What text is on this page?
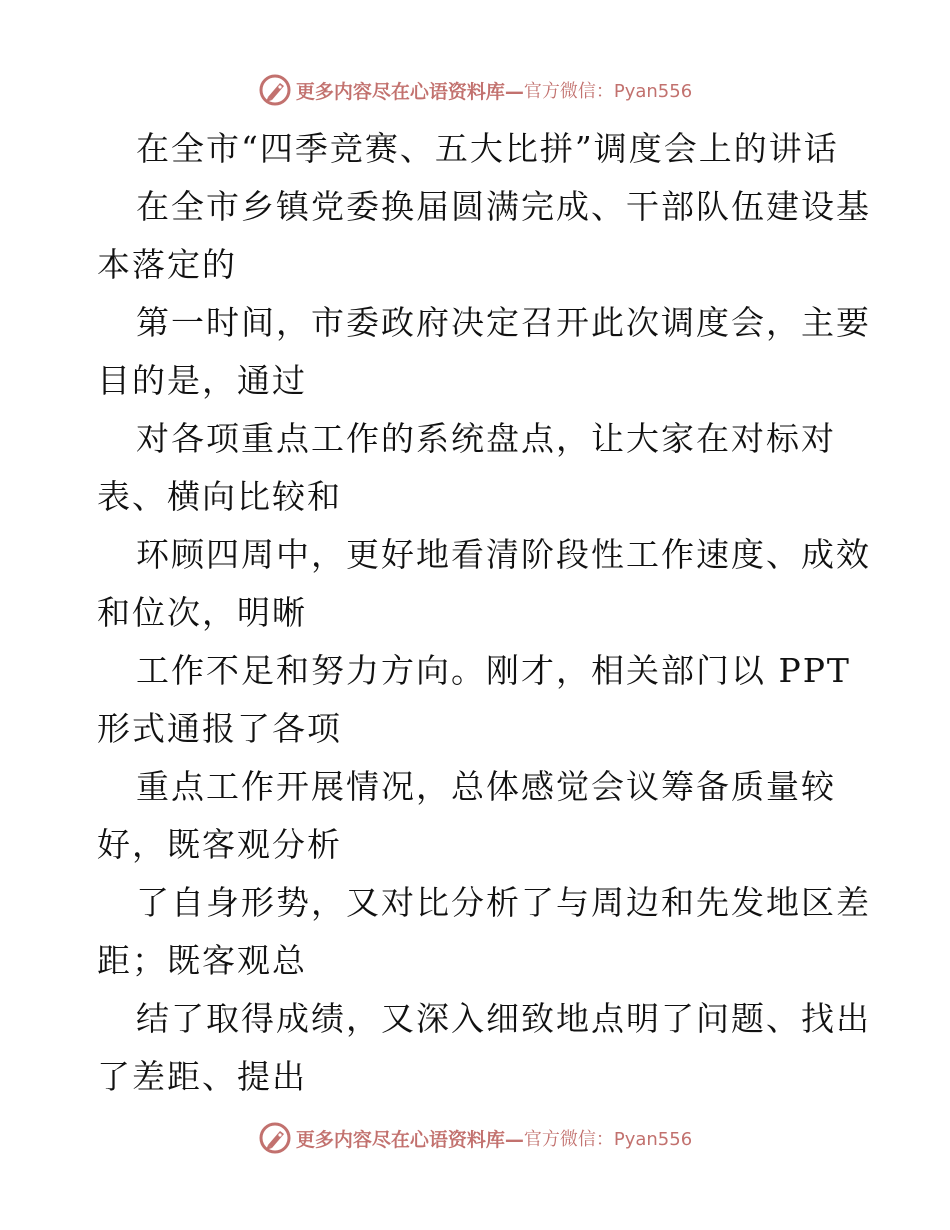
更多内容尽在心语资料库— 官方微信：Pyan556
在全市“四季竞赛、五大比拼”调度会上的讲话
在全市乡镇党委换届圆满完成、干部队伍建设基
本落定的
第一时间，市委政府决定召开此次调度会，主要
目的是，通过
对各项重点工作的系统盘点，让大家在对标对
表、横向比较和
环顾四周中，更好地看清阶段性工作速度、成效
和位次，明晰
工作不足和努力方向。刚才，相关部门以 PPT
形式通报了各项
重点工作开展情况，总体感觉会议筹备质量较
好，既客观分析
了自身形势，又对比分析了与周边和先发地区差
距；既客观总
结了取得成绩，又深入细致地点明了问题、找出
了差距、提出
更多内容尽在心语资料库— 官方微信：Pyan556
